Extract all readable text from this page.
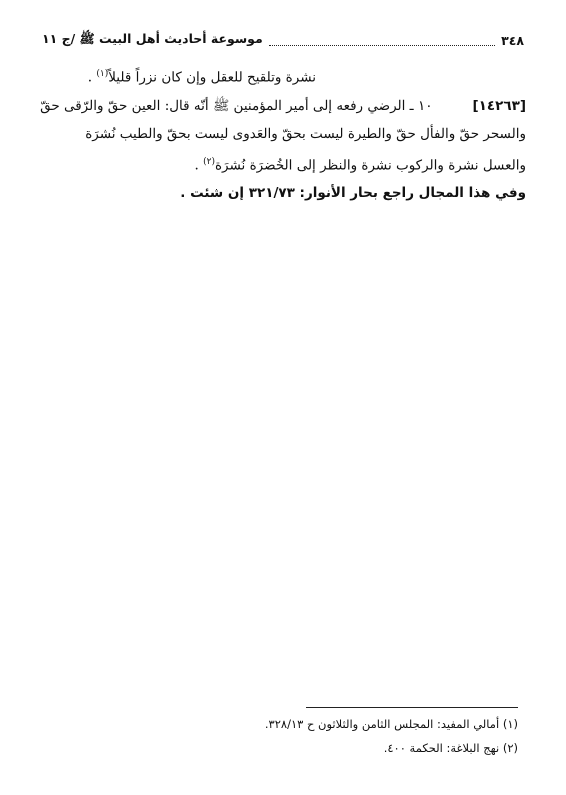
٣٤٨
موسوعة أحاديث أهل البيت ﷺ /ج ١١
نشرة وتلقيح للعقل وإن كان نزراً قليلاً$^{(١)}$ .
[١٤٢٦٣]١٠ ـ الرضي رفعه إلى أمير المؤمنين ﷺ أنّه قال: العين حقّ والرّقى حقّ
والسحر حقّ والفأل حقّ والطيرة ليست بحقّ والعَدوى ليست بحقّ والطيب نُشرَة
والعسل نشرة والركوب نشرة والنظر إلى الخُضرَة نُشرَة$^{(٢)}$ .
وفي هذا المجال راجع بحار الأنوار: ٣٢١/٧٣ إن شئت .
(١) أمالي المفيد: المجلس الثامن والثلاثون ح ٣٢٨/١٣.
(٢) نهج البلاغة: الحكمة ٤٠٠.
